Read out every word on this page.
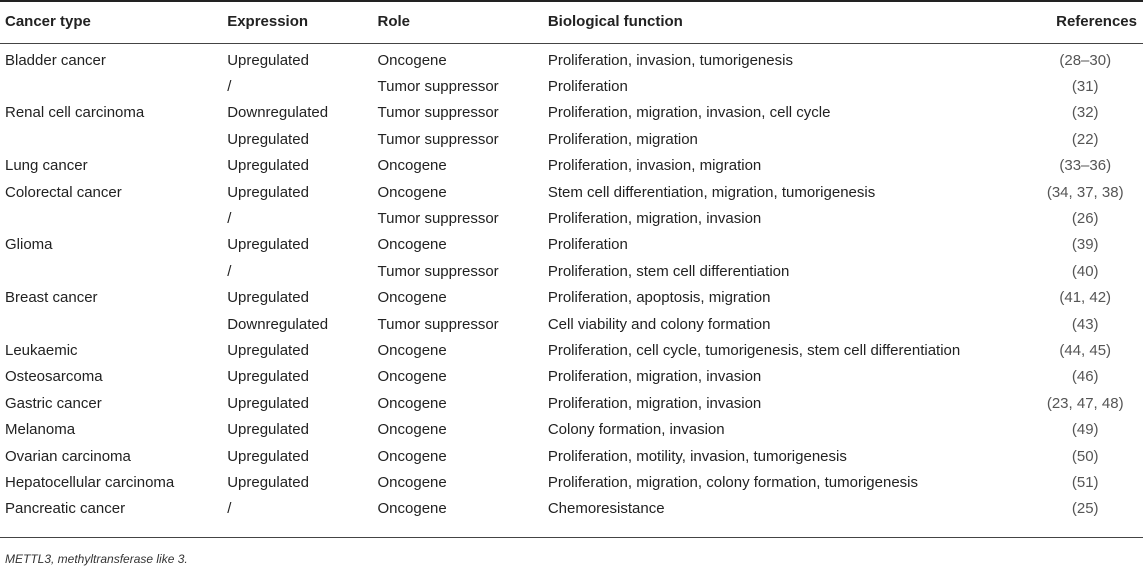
Cancer type	Expression	Role	Biological function	References
Bladder cancer	Upregulated	Oncogene	Proliferation, invasion, tumorigenesis	(28–30)
	/	Tumor suppressor	Proliferation	(31)
Renal cell carcinoma	Downregulated	Tumor suppressor	Proliferation, migration, invasion, cell cycle	(32)
	Upregulated	Tumor suppressor	Proliferation, migration	(22)
Lung cancer	Upregulated	Oncogene	Proliferation, invasion, migration	(33–36)
Colorectal cancer	Upregulated	Oncogene	Stem cell differentiation, migration, tumorigenesis	(34, 37, 38)
	/	Tumor suppressor	Proliferation, migration, invasion	(26)
Glioma	Upregulated	Oncogene	Proliferation	(39)
	/	Tumor suppressor	Proliferation, stem cell differentiation	(40)
Breast cancer	Upregulated	Oncogene	Proliferation, apoptosis, migration	(41, 42)
	Downregulated	Tumor suppressor	Cell viability and colony formation	(43)
Leukaemic	Upregulated	Oncogene	Proliferation, cell cycle, tumorigenesis, stem cell differentiation	(44, 45)
Osteosarcoma	Upregulated	Oncogene	Proliferation, migration, invasion	(46)
Gastric cancer	Upregulated	Oncogene	Proliferation, migration, invasion	(23, 47, 48)
Melanoma	Upregulated	Oncogene	Colony formation, invasion	(49)
Ovarian carcinoma	Upregulated	Oncogene	Proliferation, motility, invasion, tumorigenesis	(50)
Hepatocellular carcinoma	Upregulated	Oncogene	Proliferation, migration, colony formation, tumorigenesis	(51)
Pancreatic cancer	/	Oncogene	Chemoresistance	(25)
METTL3, methyltransferase like 3.
